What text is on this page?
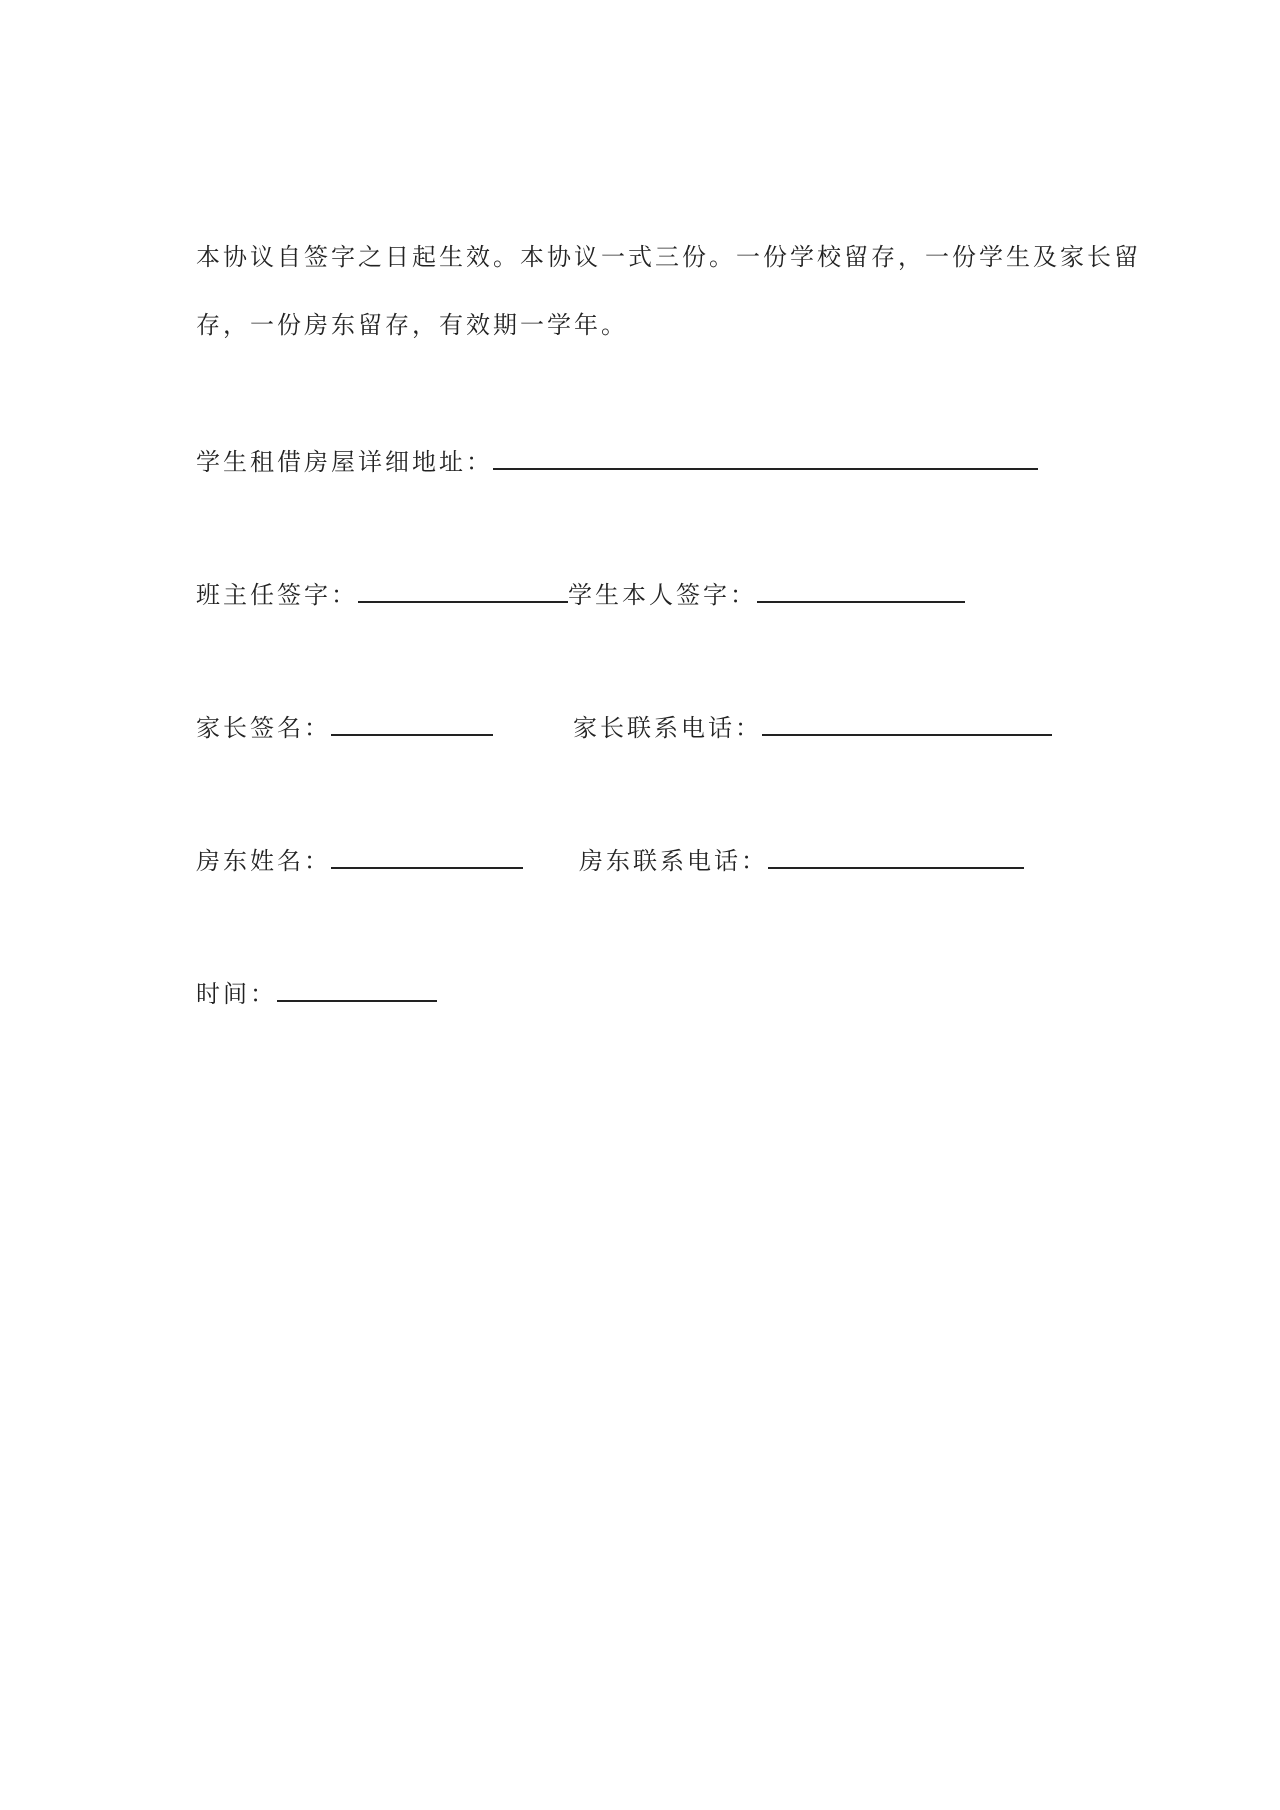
本协议自签字之日起生效。本协议一式三份。一份学校留存，一份学生及家长留
存，一份房东留存，有效期一学年。
学生租借房屋详细地址：
班主任签字：	学生本人签字：
家长签名：	家长联系电话：
房东姓名：	房东联系电话：
时间：
